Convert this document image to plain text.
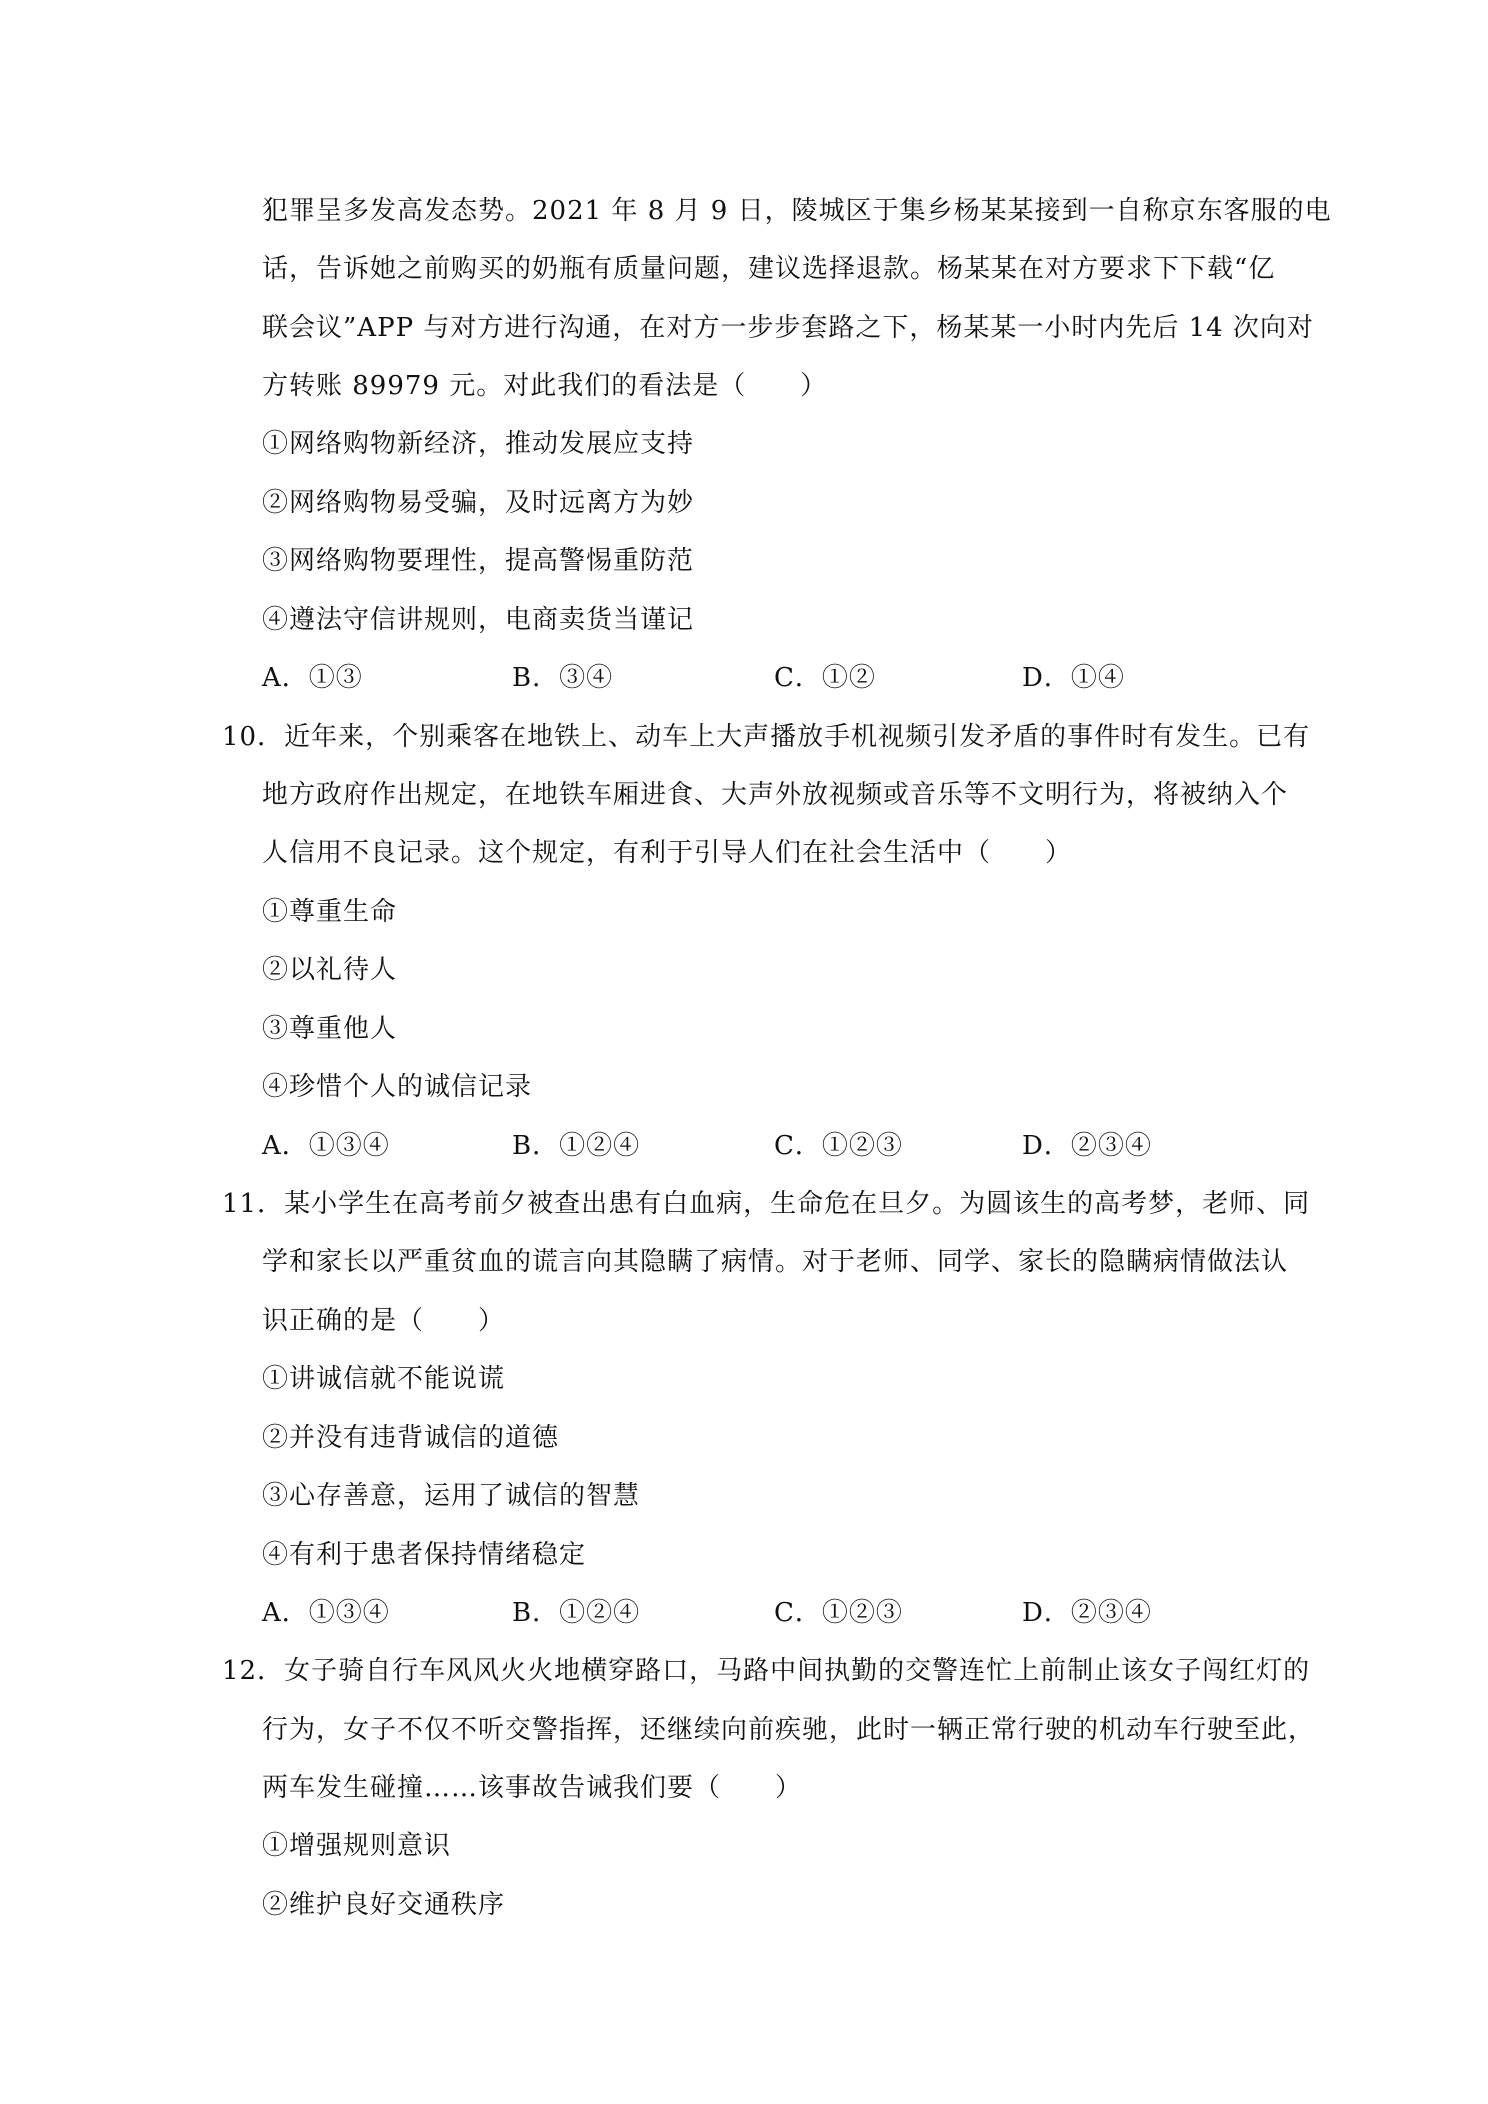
犯罪呈多发高发态势。2021 年 8 月 9 日，陵城区于集乡杨某某接到一自称京东客服的电
话，告诉她之前购买的奶瓶有质量问题，建议选择退款。杨某某在对方要求下下载“亿
联会议”APP 与对方进行沟通，在对方一步步套路之下，杨某某一小时内先后 14 次向对
方转账 89979 元。对此我们的看法是（　　）
①网络购物新经济，推动发展应支持
②网络购物易受骗，及时远离方为妙
③网络购物要理性，提高警惕重防范
④遵法守信讲规则，电商卖货当谨记
A．①③	B．③④	C．①②	D．①④
10．近年来，个别乘客在地铁上、动车上大声播放手机视频引发矛盾的事件时有发生。已有
地方政府作出规定，在地铁车厢进食、大声外放视频或音乐等不文明行为，将被纳入个
人信用不良记录。这个规定，有利于引导人们在社会生活中（　　）
①尊重生命
②以礼待人
③尊重他人
④珍惜个人的诚信记录
A．①③④	B．①②④	C．①②③	D．②③④
11．某小学生在高考前夕被查出患有白血病，生命危在旦夕。为圆该生的高考梦，老师、同
学和家长以严重贫血的谎言向其隐瞒了病情。对于老师、同学、家长的隐瞒病情做法认
识正确的是（　　）
①讲诚信就不能说谎
②并没有违背诚信的道德
③心存善意，运用了诚信的智慧
④有利于患者保持情绪稳定
A．①③④	B．①②④	C．①②③	D．②③④
12．女子骑自行车风风火火地横穿路口，马路中间执勤的交警连忙上前制止该女子闯红灯的
行为，女子不仅不听交警指挥，还继续向前疾驰，此时一辆正常行驶的机动车行驶至此，
两车发生碰撞……该事故告诫我们要（　　）
①增强规则意识
②维护良好交通秩序
